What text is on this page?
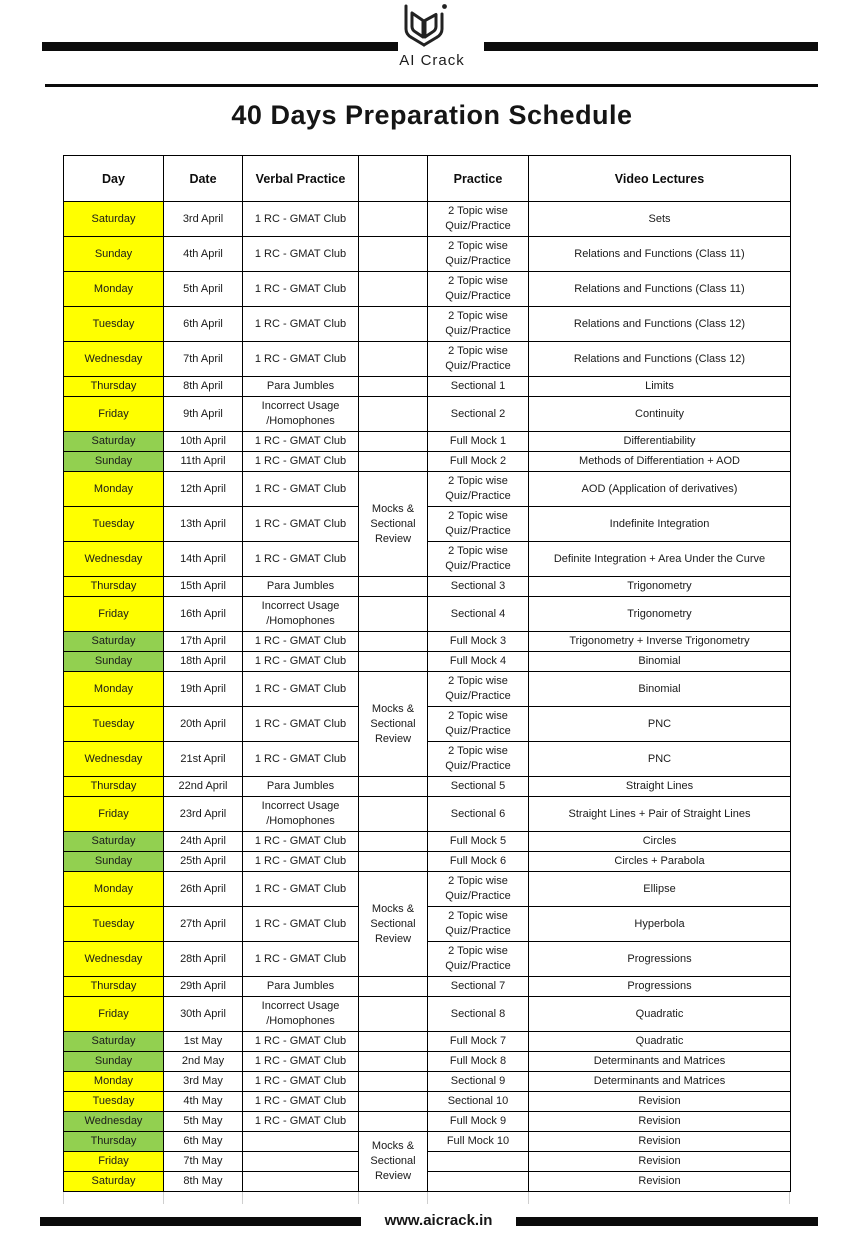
AI Crack
40 Days Preparation Schedule
Day	Date	Verbal Practice		Practice	Video Lectures
Saturday	3rd April	1 RC - GMAT Club		2 Topic wise Quiz/Practice	Sets
Sunday	4th April	1 RC - GMAT Club		2 Topic wise Quiz/Practice	Relations and Functions (Class 11)
Monday	5th April	1 RC - GMAT Club		2 Topic wise Quiz/Practice	Relations and Functions (Class 11)
Tuesday	6th April	1 RC - GMAT Club		2 Topic wise Quiz/Practice	Relations and Functions (Class 12)
Wednesday	7th April	1 RC - GMAT Club		2 Topic wise Quiz/Practice	Relations and Functions (Class 12)
Thursday	8th April	Para Jumbles		Sectional 1	Limits
Friday	9th April	Incorrect Usage /Homophones		Sectional 2	Continuity
Saturday	10th April	1 RC - GMAT Club		Full Mock 1	Differentiability
Sunday	11th April	1 RC - GMAT Club		Full Mock 2	Methods of Differentiation + AOD
Monday	12th April	1 RC - GMAT Club	Mocks & Sectional Review	2 Topic wise Quiz/Practice	AOD (Application of derivatives)
Tuesday	13th April	1 RC - GMAT Club		2 Topic wise Quiz/Practice	Indefinite Integration
Wednesday	14th April	1 RC - GMAT Club		2 Topic wise Quiz/Practice	Definite Integration + Area Under the Curve
Thursday	15th April	Para Jumbles		Sectional 3	Trigonometry
Friday	16th April	Incorrect Usage /Homophones		Sectional 4	Trigonometry
Saturday	17th April	1 RC - GMAT Club		Full Mock 3	Trigonometry + Inverse Trigonometry
Sunday	18th April	1 RC - GMAT Club		Full Mock 4	Binomial
Monday	19th April	1 RC - GMAT Club	Mocks & Sectional Review	2 Topic wise Quiz/Practice	Binomial
Tuesday	20th April	1 RC - GMAT Club		2 Topic wise Quiz/Practice	PNC
Wednesday	21st April	1 RC - GMAT Club		2 Topic wise Quiz/Practice	PNC
Thursday	22nd April	Para Jumbles		Sectional 5	Straight Lines
Friday	23rd April	Incorrect Usage /Homophones		Sectional 6	Straight Lines + Pair of Straight Lines
Saturday	24th April	1 RC - GMAT Club		Full Mock 5	Circles
Sunday	25th April	1 RC - GMAT Club		Full Mock 6	Circles + Parabola
Monday	26th April	1 RC - GMAT Club	Mocks & Sectional Review	2 Topic wise Quiz/Practice	Ellipse
Tuesday	27th April	1 RC - GMAT Club		2 Topic wise Quiz/Practice	Hyperbola
Wednesday	28th April	1 RC - GMAT Club		2 Topic wise Quiz/Practice	Progressions
Thursday	29th April	Para Jumbles		Sectional 7	Progressions
Friday	30th April	Incorrect Usage /Homophones		Sectional 8	Quadratic
Saturday	1st May	1 RC - GMAT Club		Full Mock 7	Quadratic
Sunday	2nd May	1 RC - GMAT Club		Full Mock 8	Determinants and Matrices
Monday	3rd May	1 RC - GMAT Club		Sectional 9	Determinants and Matrices
Tuesday	4th May	1 RC - GMAT Club		Sectional 10	Revision
Wednesday	5th May	1 RC - GMAT Club		Full Mock 9	Revision
Thursday	6th May		Mocks & Sectional Review	Full Mock 10	Revision
Friday	7th May				Revision
Saturday	8th May				Revision
www.aicrack.in
